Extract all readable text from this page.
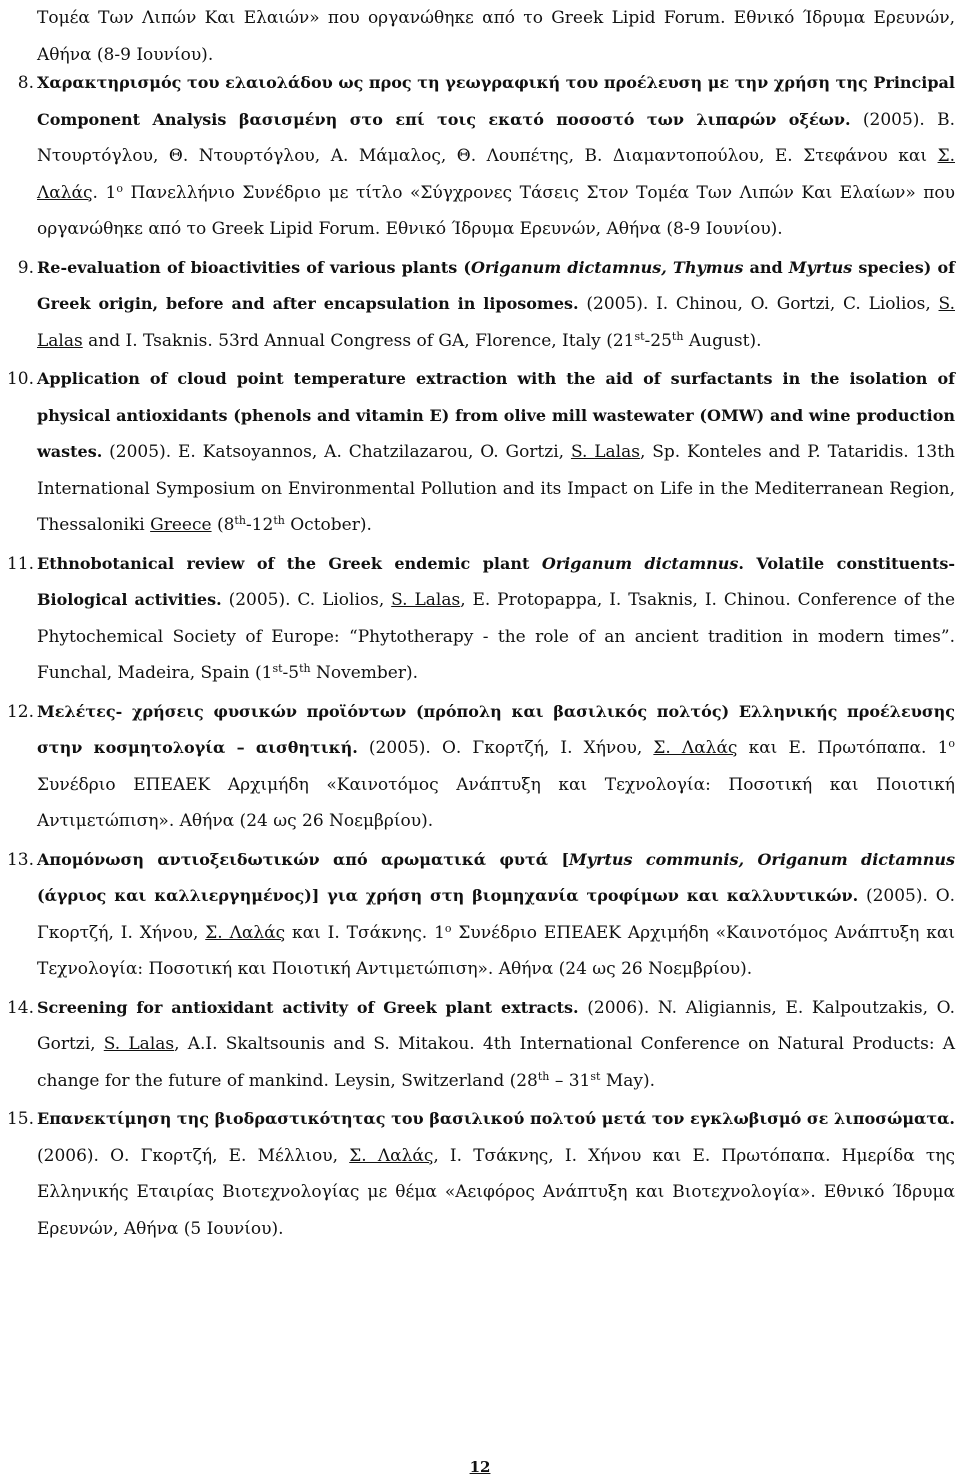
Τομέα Των Λιπών Και Ελαιών» που οργανώθηκε από το Greek Lipid Forum. Εθνικό Ίδρυμα Ερευνών, Αθήνα (8-9 Ιουνίου).
8. Χαρακτηρισμός του ελαιολάδου ως προς τη γεωγραφική του προέλευση με την χρήση της Principal Component Analysis βασισμένη στο επί τοις εκατό ποσοστό των λιπαρών οξέων. (2005). Β. Ντουρτόγλου, Θ. Ντουρτόγλου, Α. Μάμαλος, Θ. Λουπέτης, Β. Διαμαντοπούλου, Ε. Στεφάνου και Σ. Λαλάς. $1^o$ Πανελλήνιο Συνέδριο με τίτλο «Σύγχρονες Τάσεις Στον Τομέα Των Λιπών Και Ελαίων» που οργανώθηκε από το Greek Lipid Forum. Εθνικό Ίδρυμα Ερευνών, Αθήνα (8-9 Ιουνίου).
9. Re-evaluation of bioactivities of various plants (Origanum dictamnus, Thymus and Myrtus species) of Greek origin, before and after encapsulation in liposomes. (2005). I. Chinou, O. Gortzi, C. Liolios, S. Lalas and I. Tsaknis. 53rd Annual Congress of GA, Florence, Italy (21st-25th August).
10. Application of cloud point temperature extraction with the aid of surfactants in the isolation of physical antioxidants (phenols and vitamin E) from olive mill wastewater (OMW) and wine production wastes. (2005). E. Katsoyannos, A. Chatzilazarou, O. Gortzi, S. Lalas, Sp. Konteles and P. Tataridis. 13th International Symposium on Environmental Pollution and its Impact on Life in the Mediterranean Region, Thessaloniki Greece (8th-12th October).
11. Ethnobotanical review of the Greek endemic plant Origanum dictamnus. Volatile constituents-Biological activities. (2005). C. Liolios, S. Lalas, E. Protopappa, I. Tsaknis, I. Chinou. Conference of the Phytochemical Society of Europe: “Phytotherapy - the role of an ancient tradition in modern times”. Funchal, Madeira, Spain (1st-5th November).
12. Μελέτες- χρήσεις φυσικών προϊόντων (πρόπολη και βασιλικός πολτός) Ελληνικής προέλευσης στην κοσμητολογία – αισθητική. (2005). Ο. Γκορτζή, Ι. Χήνου, Σ. Λαλάς και Ε. Πρωτόπαπα. $1^o$ Συνέδριο ΕΠΕΑΕΚ Αρχιμήδη «Καινοτόμος Ανάπτυξη και Τεχνολογία: Ποσοτική και Ποιοτική Αντιμετώπιση». Αθήνα (24 ως 26 Νοεμβρίου).
13. Απομόνωση αντιοξειδωτικών από αρωματικά φυτά [Myrtus communis, Origanum dictamnus (άγριος και καλλιεργημένος)] για χρήση στη βιομηχανία τροφίμων και καλλυντικών. (2005). Ο. Γκορτζή, Ι. Χήνου, Σ. Λαλάς και Ι. Τσάκνης. $1^o$ Συνέδριο ΕΠΕΑΕΚ Αρχιμήδη «Καινοτόμος Ανάπτυξη και Τεχνολογία: Ποσοτική και Ποιοτική Αντιμετώπιση». Αθήνα (24 ως 26 Νοεμβρίου).
14. Screening for antioxidant activity of Greek plant extracts. (2006). N. Aligiannis, E. Kalpoutzakis, O. Gortzi, S. Lalas, A.I. Skaltsounis and S. Mitakou. 4th International Conference on Natural Products: A change for the future of mankind. Leysin, Switzerland (28th – 31st May).
15. Επανεκτίμηση της βιοδραστικότητας του βασιλικού πολτού μετά τον εγκλωβισμό σε λιποσώματα. (2006). Ο. Γκορτζή, Ε. Μέλλιου, Σ. Λαλάς, Ι. Τσάκνης, Ι. Χήνου και Ε. Πρωτόπαπα. Ημερίδα της Ελληνικής Εταιρίας Βιοτεχνολογίας με θέμα «Αειφόρος Ανάπτυξη και Βιοτεχνολογία». Εθνικό Ίδρυμα Ερευνών, Αθήνα (5 Ιουνίου).
12
